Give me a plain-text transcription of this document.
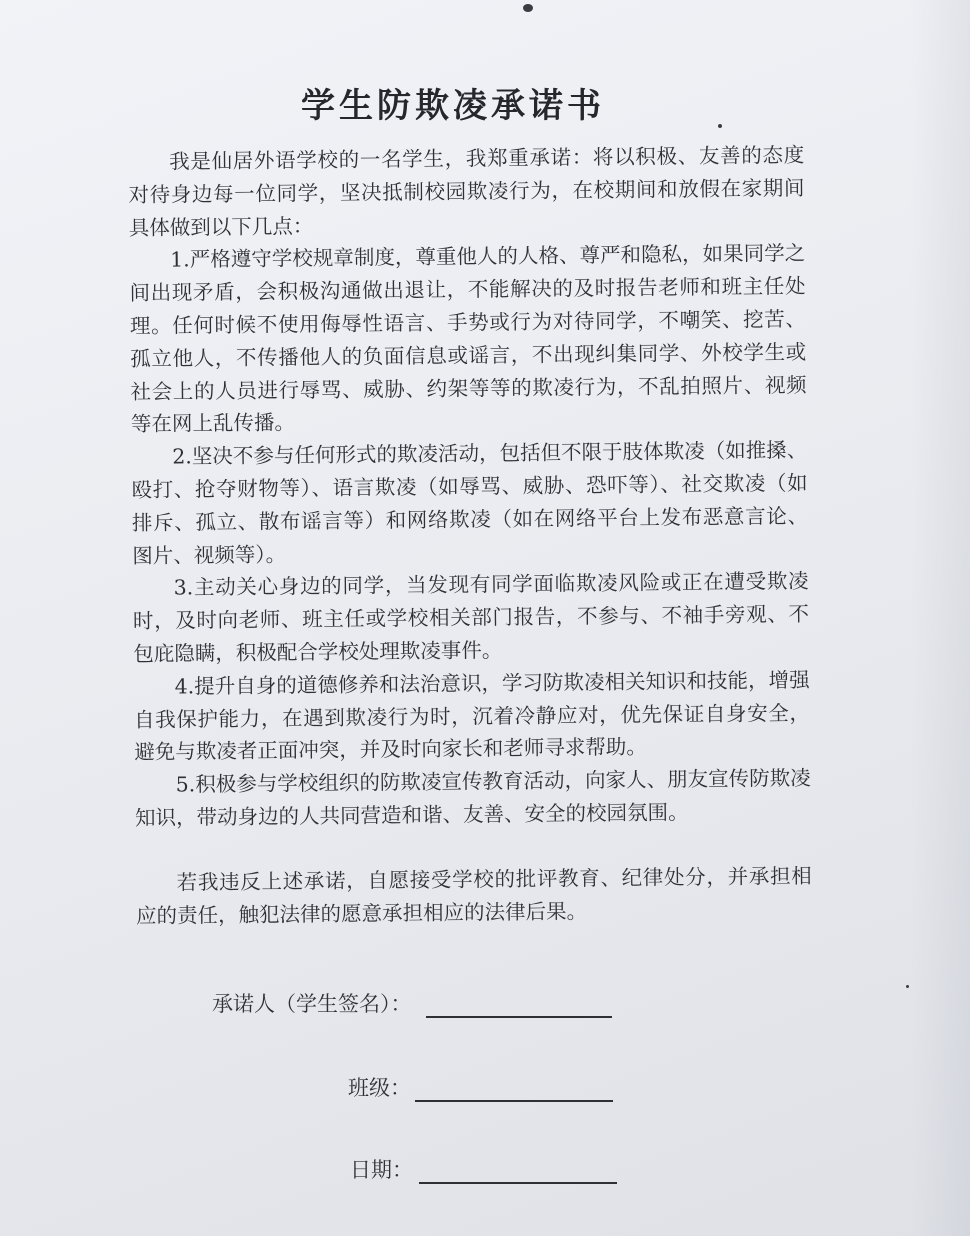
学生防欺凌承诺书

我是仙居外语学校的一名学生，我郑重承诺：将以积极、友善的态度对待身边每一位同学，坚决抵制校园欺凌行为，在校期间和放假在家期间具体做到以下几点：

1.严格遵守学校规章制度，尊重他人的人格、尊严和隐私，如果同学之间出现矛盾，会积极沟通做出退让，不能解决的及时报告老师和班主任处理。任何时候不使用侮辱性语言、手势或行为对待同学，不嘲笑、挖苦、孤立他人，不传播他人的负面信息或谣言，不出现纠集同学、外校学生或社会上的人员进行辱骂、威胁、约架等等的欺凌行为，不乱拍照片、视频等在网上乱传播。

2.坚决不参与任何形式的欺凌活动，包括但不限于肢体欺凌（如推搡、殴打、抢夺财物等）、语言欺凌（如辱骂、威胁、恐吓等）、社交欺凌（如排斥、孤立、散布谣言等）和网络欺凌（如在网络平台上发布恶意言论、图片、视频等）。

3.主动关心身边的同学，当发现有同学面临欺凌风险或正在遭受欺凌时，及时向老师、班主任或学校相关部门报告，不参与、不袖手旁观、不包庇隐瞒，积极配合学校处理欺凌事件。

4.提升自身的道德修养和法治意识，学习防欺凌相关知识和技能，增强自我保护能力，在遇到欺凌行为时，沉着冷静应对，优先保证自身安全，避免与欺凌者正面冲突，并及时向家长和老师寻求帮助。

5.积极参与学校组织的防欺凌宣传教育活动，向家人、朋友宣传防欺凌知识，带动身边的人共同营造和谐、友善、安全的校园氛围。

若我违反上述承诺，自愿接受学校的批评教育、纪律处分，并承担相应的责任，触犯法律的愿意承担相应的法律后果。

承诺人（学生签名）：
班级：
日期：
